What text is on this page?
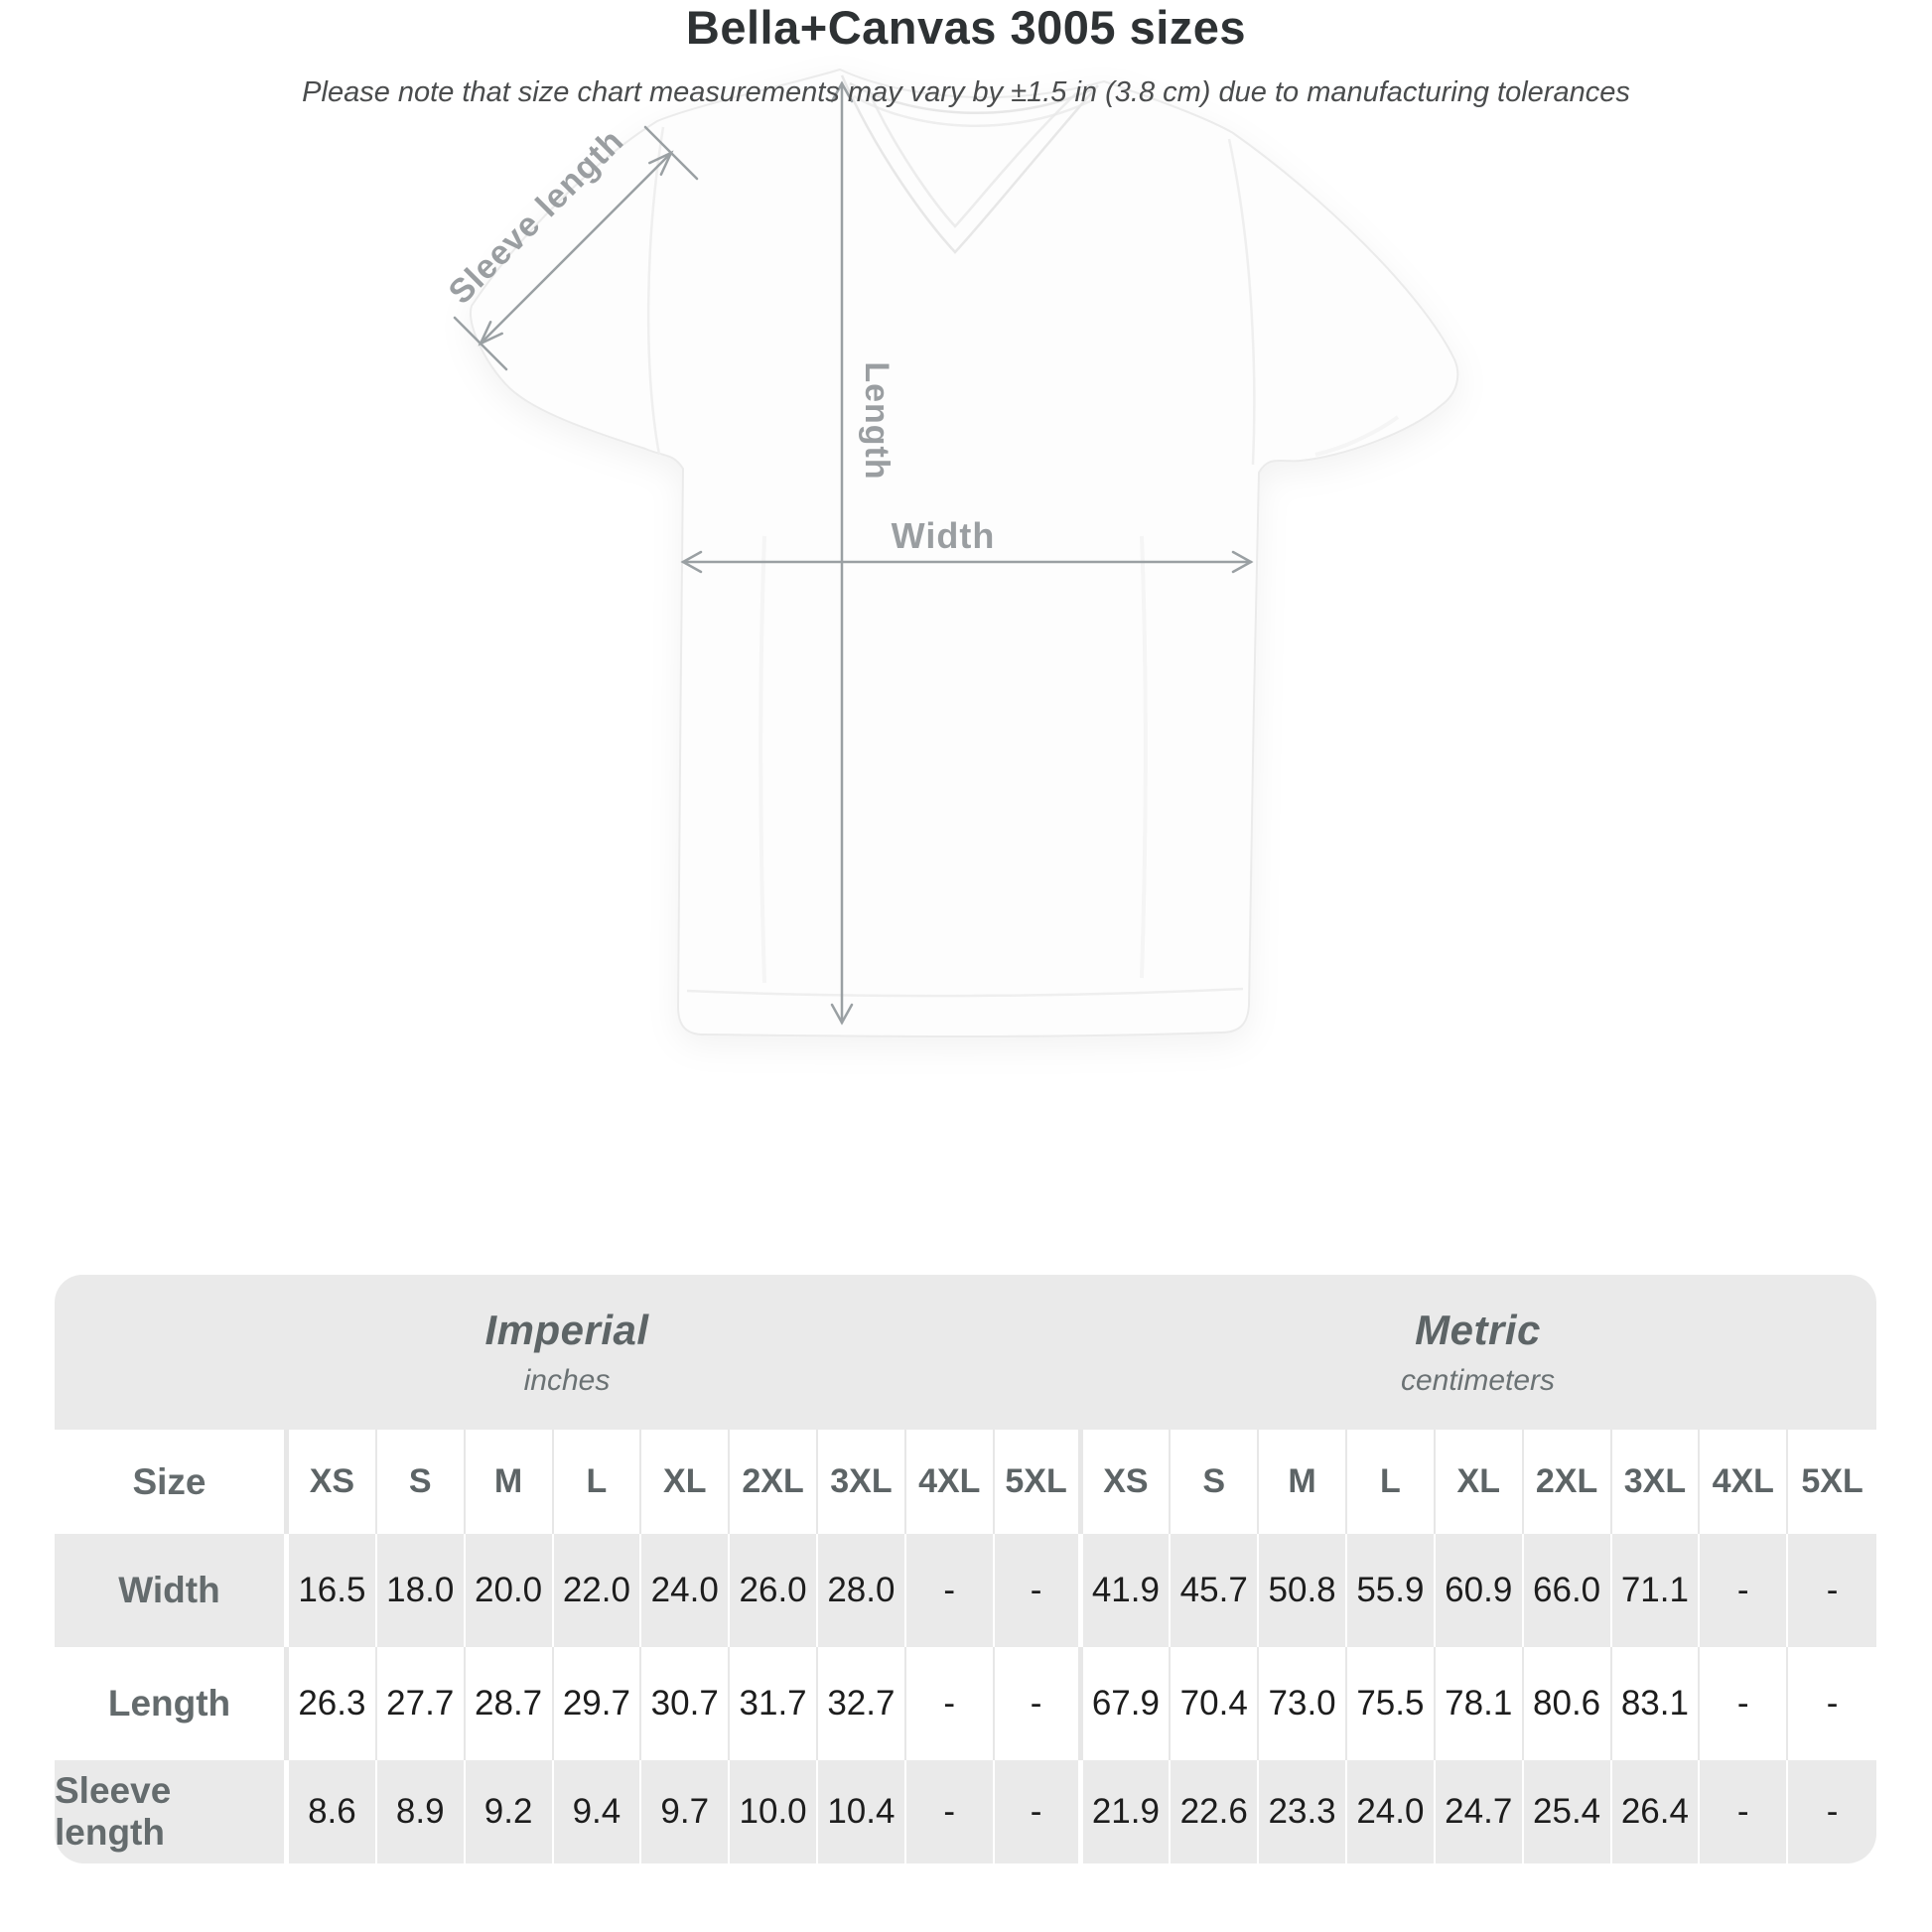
Sleeve length
Length
Width
Bella+Canvas 3005 sizes
Please note that size chart measurements may vary by ±1.5 in (3.8 cm) due to manufacturing tolerances
Imperial
inches
Metric
centimeters
Size	XS	S	M	L	XL	2XL 3XL 4XL 5XL	XS	S	M	L	XL	2XL 3XL 4XL 5XL
Width	16.5 18.0 20.0 22.0 24.0 26.0 28.0	-	-	41.9 45.7 50.8 55.9 60.9 66.0 71.1	-	-
Length	26.3 27.7 28.7 29.7 30.7 31.7 32.7	-	-	67.9 70.4 73.0 75.5 78.1 80.6 83.1	-	-
Sleeve length
8.6	8.9	9.2	9.4	9.7 10.0 10.4	-	-	21.9 22.6 23.3 24.0 24.7 25.4 26.4	-	-
